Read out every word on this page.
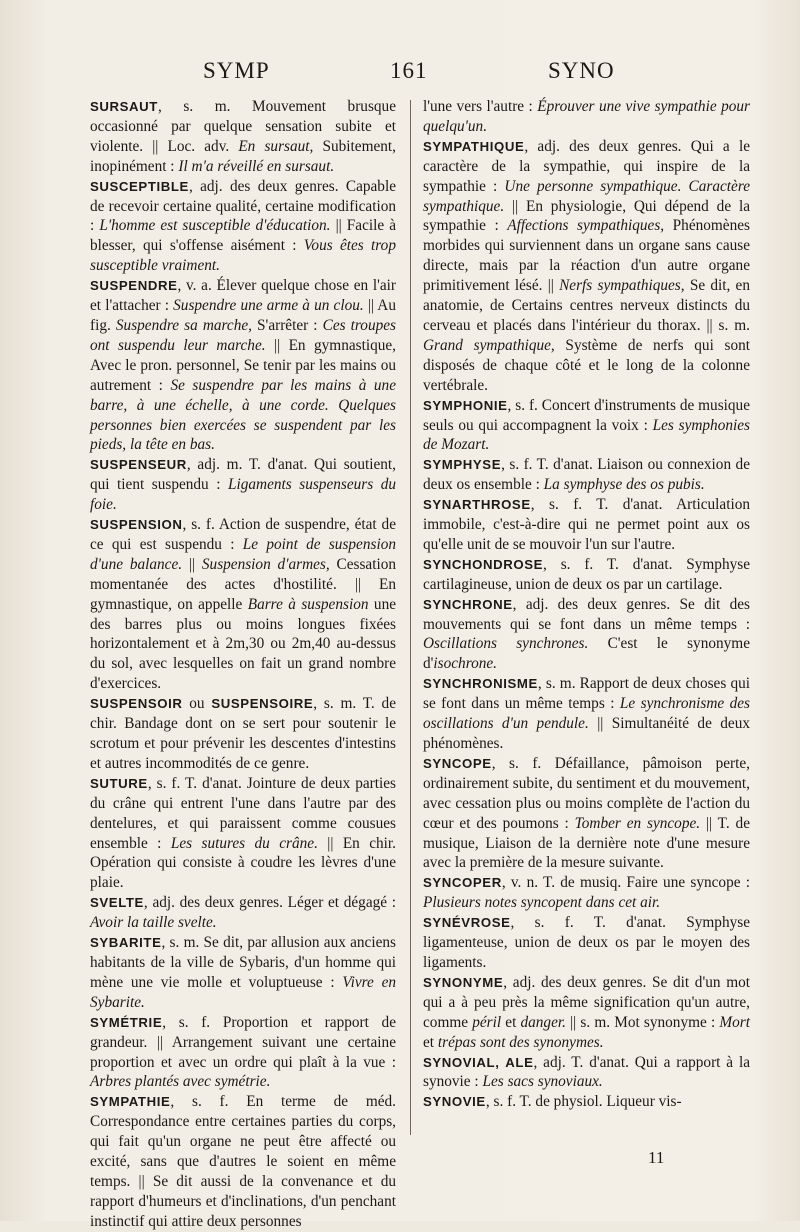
SYMP	161	SYNO

SURSAUT, s. m. Mouvement brusque occasionné par quelque sensation subite et violente. || Loc. adv. En sursaut, Subitement, inopinément : Il m'a réveillé en sursaut.

SUSCEPTIBLE, adj. des deux genres. Capable de recevoir certaine qualité, certaine modification : L'homme est susceptible d'éducation. || Facile à blesser, qui s'offense aisément : Vous êtes trop susceptible vraiment.

SUSPENDRE, v. a. Élever quelque chose en l'air et l'attacher : Suspendre une arme à un clou. || Au fig. Suspendre sa marche, S'arrêter : Ces troupes ont suspendu leur marche. || En gymnastique, Avec le pron. personnel, Se tenir par les mains ou autrement : Se suspendre par les mains à une barre, à une échelle, à une corde. Quelques personnes bien exercées se suspendent par les pieds, la tête en bas.

SUSPENSEUR, adj. m. T. d'anat. Qui soutient, qui tient suspendu : Ligaments suspenseurs du foie.

SUSPENSION, s. f. Action de suspendre, état de ce qui est suspendu : Le point de suspension d'une balance. || Suspension d'armes, Cessation momentanée des actes d'hostilité. || En gymnastique, on appelle Barre à suspension une des barres plus ou moins longues fixées horizontalement et à 2m,30 ou 2m,40 au-dessus du sol, avec lesquelles on fait un grand nombre d'exercices.

SUSPENSOIR ou SUSPENSOIRE, s. m. T. de chir. Bandage dont on se sert pour soutenir le scrotum et pour prévenir les descentes d'intestins et autres incommodités de ce genre.

SUTURE, s. f. T. d'anat. Jointure de deux parties du crâne qui entrent l'une dans l'autre par des dentelures, et qui paraissent comme cousues ensemble : Les sutures du crâne. || En chir. Opération qui consiste à coudre les lèvres d'une plaie.

SVELTE, adj. des deux genres. Léger et dégagé : Avoir la taille svelte.

SYBARITE, s. m. Se dit, par allusion aux anciens habitants de la ville de Sybaris, d'un homme qui mène une vie molle et voluptueuse : Vivre en Sybarite.

SYMÉTRIE, s. f. Proportion et rapport de grandeur. || Arrangement suivant une certaine proportion et avec un ordre qui plaît à la vue : Arbres plantés avec symétrie.

SYMPATHIE, s. f. En terme de méd. Correspondance entre certaines parties du corps, qui fait qu'un organe ne peut être affecté ou excité, sans que d'autres le soient en même temps. || Se dit aussi de la convenance et du rapport d'humeurs et d'inclinations, d'un penchant instinctif qui attire deux personnes

l'une vers l'autre : Éprouver une vive sympathie pour quelqu'un.

SYMPATHIQUE, adj. des deux genres. Qui a le caractère de la sympathie, qui inspire de la sympathie : Une personne sympathique. Caractère sympathique. || En physiologie, Qui dépend de la sympathie : Affections sympathiques, Phénomènes morbides qui surviennent dans un organe sans cause directe, mais par la réaction d'un autre organe primitivement lésé. || Nerfs sympathiques, Se dit, en anatomie, de Certains centres nerveux distincts du cerveau et placés dans l'intérieur du thorax. || s. m. Grand sympathique, Système de nerfs qui sont disposés de chaque côté et le long de la colonne vertébrale.

SYMPHONIE, s. f. Concert d'instruments de musique seuls ou qui accompagnent la voix : Les symphonies de Mozart.

SYMPHYSE, s. f. T. d'anat. Liaison ou connexion de deux os ensemble : La symphyse des os pubis.

SYNARTHROSE, s. f. T. d'anat. Articulation immobile, c'est-à-dire qui ne permet point aux os qu'elle unit de se mouvoir l'un sur l'autre.

SYNCHONDROSE, s. f. T. d'anat. Symphyse cartilagineuse, union de deux os par un cartilage.

SYNCHRONE, adj. des deux genres. Se dit des mouvements qui se font dans un même temps : Oscillations synchrones. C'est le synonyme d'isochrone.

SYNCHRONISME, s. m. Rapport de deux choses qui se font dans un même temps : Le synchronisme des oscillations d'un pendule. || Simultanéité de deux phénomènes.

SYNCOPE, s. f. Défaillance, pâmoison perte, ordinairement subite, du sentiment et du mouvement, avec cessation plus ou moins complète de l'action du cœur et des poumons : Tomber en syncope. || T. de musique, Liaison de la dernière note d'une mesure avec la première de la mesure suivante.

SYNCOPER, v. n. T. de musiq. Faire une syncope : Plusieurs notes syncopent dans cet air.

SYNÉVROSE, s. f. T. d'anat. Symphyse ligamenteuse, union de deux os par le moyen des ligaments.

SYNONYME, adj. des deux genres. Se dit d'un mot qui a à peu près la même signification qu'un autre, comme péril et danger. || s. m. Mot synonyme : Mort et trépas sont des synonymes.

SYNOVIAL, ALE, adj. T. d'anat. Qui a rapport à la synovie : Les sacs synoviaux.

SYNOVIE, s. f. T. de physiol. Liqueur vis-

11
